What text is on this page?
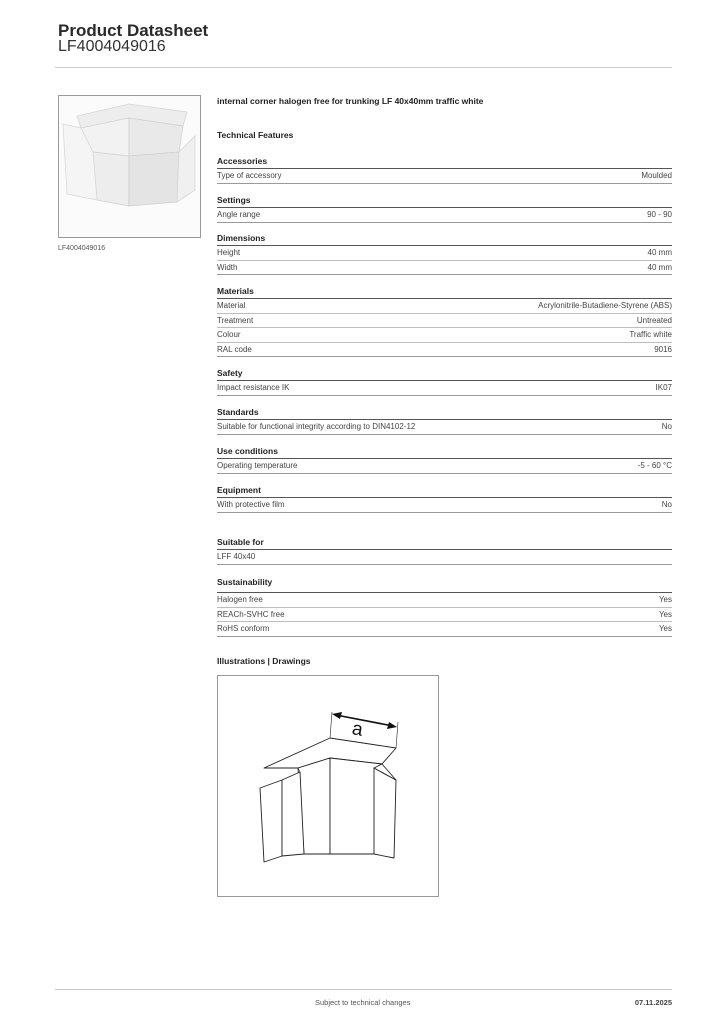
Product Datasheet
LF4004049016
LF4004049016
internal corner halogen free for trunking LF 40x40mm traffic white
Technical Features
Accessories
Type of accessory	Moulded
Settings
Angle range	90 - 90
Dimensions
Height	40 mm
Width	40 mm
Materials
Material	Acrylonitrile-Butadiene-Styrene (ABS)
Treatment	Untreated
Colour	Traffic white
RAL code	9016
Safety
Impact resistance IK	IK07
Standards
Suitable for functional integrity according to DIN4102-12	No
Use conditions
Operating temperature	-5 - 60 °C
Equipment
With protective film	No
Suitable for
LFF 40x40
Sustainability
Halogen free	Yes
REACh-SVHC free	Yes
RoHS conform	Yes
Illustrations | Drawings
a
Subject to technical changes	07.11.2025
